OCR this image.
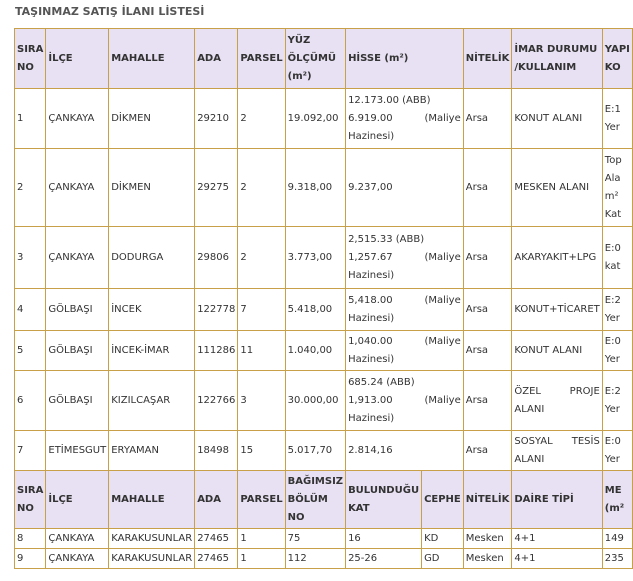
TAŞINMAZ SATIŞ İLANI LİSTESİ
SIRA NO	İLÇE	MAHALLE	ADA	PARSEL	YÜZ ÖLÇÜMÜ (m²)	HİSSE (m²)		NİTELİK	İMAR DURUMU /KULLANIM	YAPI KO
1	ÇANKAYA	DİKMEN	29210	2	19.092,00	12.173.00 (ABB)
6.919.00 (Maliye
Hazinesi)		Arsa	KONUT ALANI	E:1 Yer
2	ÇANKAYA	DİKMEN	29275	2	9.318,00	9.237,00		Arsa	MESKEN ALANI	Top Ala m² Kat
3	ÇANKAYA	DODURGA	29806	2	3.773,00	2,515.33 (ABB)
1,257.67 (Maliye
Hazinesi)		Arsa	AKARYAKIT+LPG	E:0 kat
4	GÖLBAŞI	İNCEK	122778	7	5.418,00	5,418.00 (Maliye
Hazinesi)		Arsa	KONUT+TİCARET	E:2 Yer
5	GÖLBAŞI	İNCEK-İMAR	111286	11	1.040,00	1,040.00 (Maliye
Hazinesi)		Arsa	KONUT ALANI	E:0 Yer
6	GÖLBAŞI	KIZILCAŞAR	122766	3	30.000,00	685.24 (ABB)
1,913.00 (Maliye
Hazinesi)		Arsa	ÖZEL PROJE ALANI	E:2 Yer
7	ETİMESGUT	ERYAMAN	18498	15	5.017,70	2.814,16		Arsa	SOSYAL TESİS ALANI	E:0 Yer
SIRA NO	İLÇE	MAHALLE	ADA	PARSEL	BAĞIMSIZ BÖLÜM NO	BULUNDUĞU KAT	CEPHE	NİTELİK	DAİRE TİPİ	ME (m²
8	ÇANKAYA	KARAKUSUNLAR	27465	1	75	16	KD	Mesken	4+1	149
9	ÇANKAYA	KARAKUSUNLAR	27465	1	112	25-26	GD	Mesken	4+1	235
